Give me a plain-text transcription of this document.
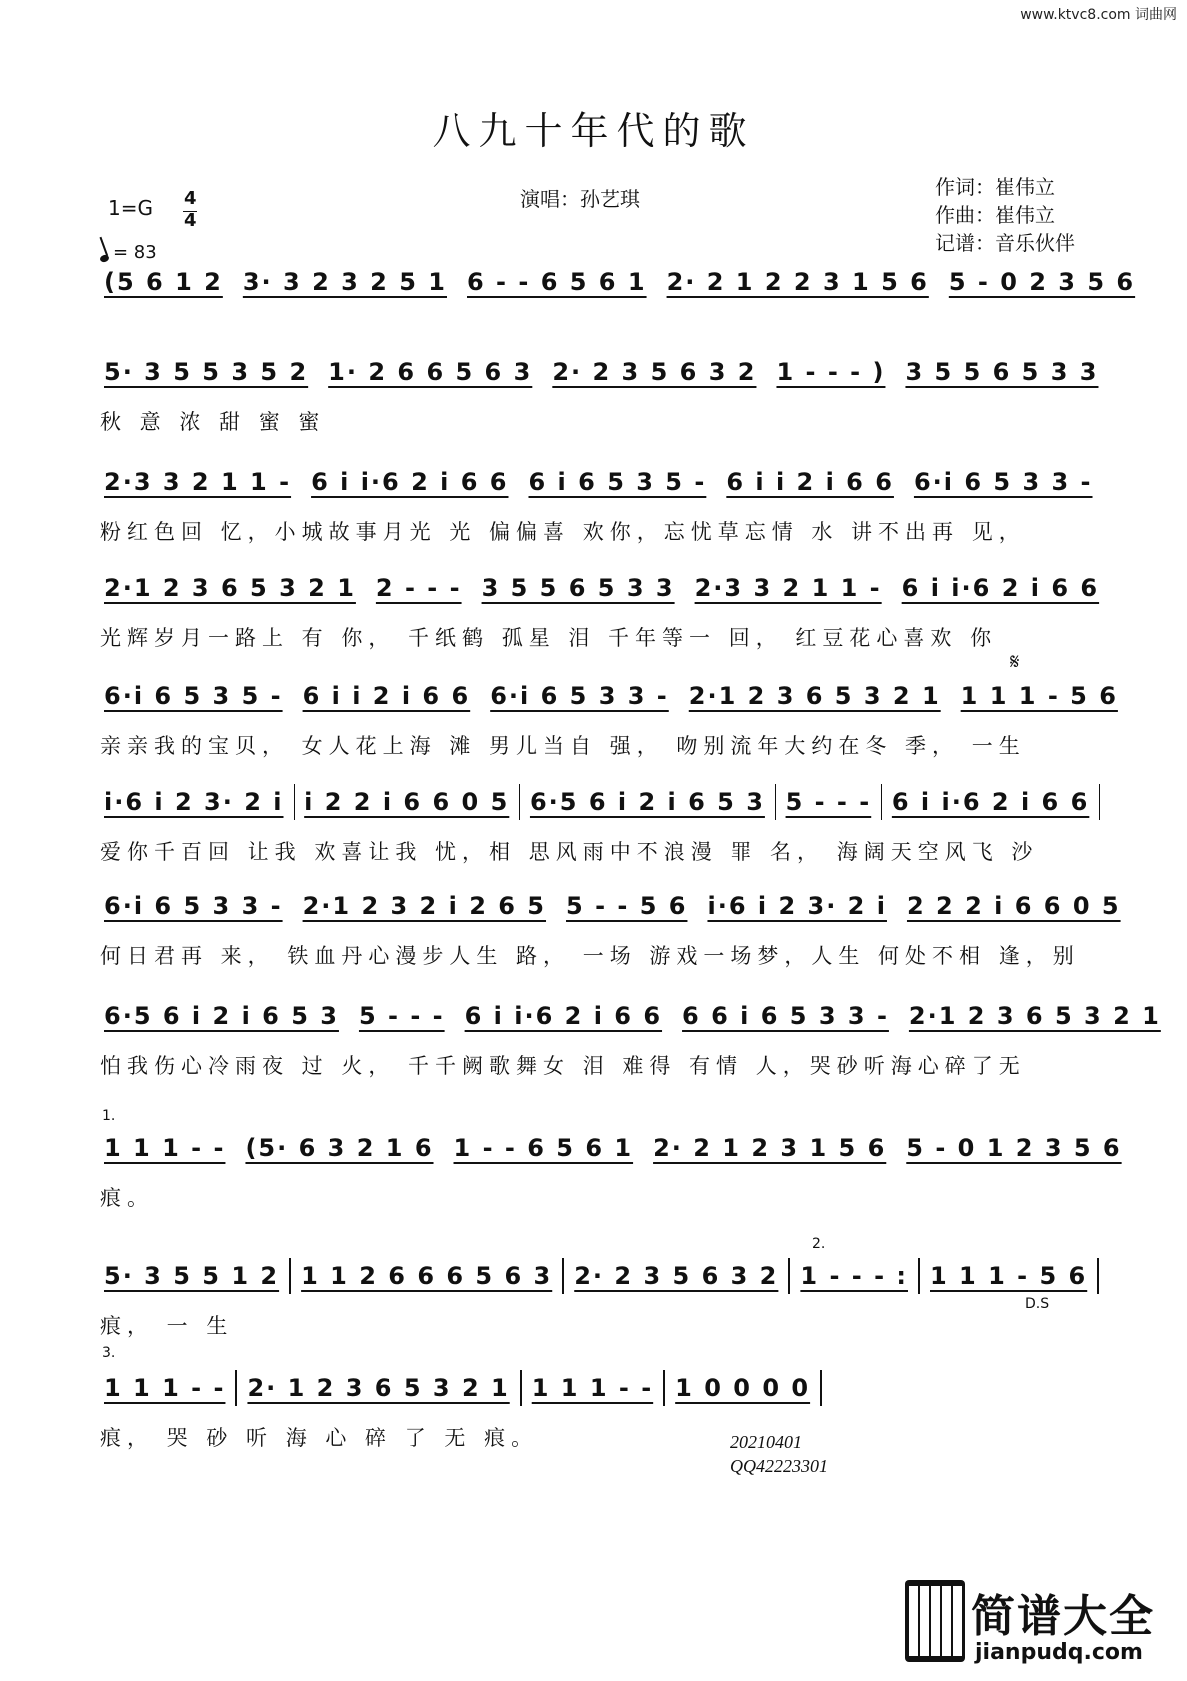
www.ktvc8.com 词曲网
八九十年代的歌
1=G 4
4
= 83
演唱：孙艺琪	作词：崔伟立
作曲：崔伟立
记谱：音乐伙伴
(5 6 1 2 3· 3 2 3 2 5 1 6 - - 6 5 6 1 2· 2 1 2 2 3 1 5 6 5 - 0 2 3 5 6
5· 3 5 5 3 5 2 1· 2 6 6 5 6 3 2· 2 3 5 6 3 2 1 - - - ) 3 5 5 6 5 3 3
秋 意 浓 甜 蜜 蜜
2·3 3 2 1 1 - 6 i i·6 2 i 6 6 6 i 6 5 3 5 - 6 i i 2 i 6 6 6·i 6 5 3 3 -
粉红色回 忆，小城故事月光 光 偏偏喜 欢你，忘忧草忘情 水 讲不出再 见，
2·1 2 3 6 5 3 2 1 2 - - - 3 5 5 6 5 3 3 2·3 3 2 1 1 - 6 i i·6 2 i 6 6
光辉岁月一路上 有 你， 千纸鹤 孤星 泪 千年等一 回， 红豆花心喜欢 你
6·i 6 5 3 5 - 6 i i 2 i 6 6 6·i 6 5 3 3 - 2·1 2 3 6 5 3 2 1 1 1 1 - 5 6
亲亲我的宝贝， 女人花上海 滩 男儿当自 强， 吻别流年大约在冬 季， 一生
i·6 i 2 3· 2 i i 2 2 i 6 6 0 5 6·5 6 i 2 i 6 5 3 5 - - - 6 i i·6 2 i 6 6
爱你千百回 让我 欢喜让我 忧，相 思风雨中不浪漫 罪 名， 海阔天空风飞 沙
6·i 6 5 3 3 - 2·1 2 3 2 i 2 6 5 5 - - 5 6 i·6 i 2 3· 2 i 2 2 2 i 6 6 0 5
何日君再 来， 铁血丹心漫步人生 路， 一场 游戏一场梦，人生 何处不相 逢，别
6·5 6 i 2 i 6 5 3 5 - - - 6 i i·6 2 i 6 6 6 6 i 6 5 3 3 - 2·1 2 3 6 5 3 2 1
怕我伤心冷雨夜 过 火， 千千阙歌舞女 泪 难得 有情 人，哭砂听海心碎了无
1 1 1 - - (5· 6 3 2 1 6 1 - - 6 5 6 1 2· 2 1 2 3 1 5 6 5 - 0 1 2 3 5 6
痕。
5· 3 5 5 1 2 1 1 2 6 6 6 5 6 3 2· 2 3 5 6 3 2 1 - - - : 1 1 1 - 5 6
痕， 一 生
1 1 1 - - 2· 1 2 3 6 5 3 2 1 1 1 1 - - 1 0 0 0 0
痕， 哭 砂 听 海 心 碎 了 无 痕。
𝄋
1.
2.
D.S
3.
20210401
QQ42223301
简谱大全
jianpudq.com
